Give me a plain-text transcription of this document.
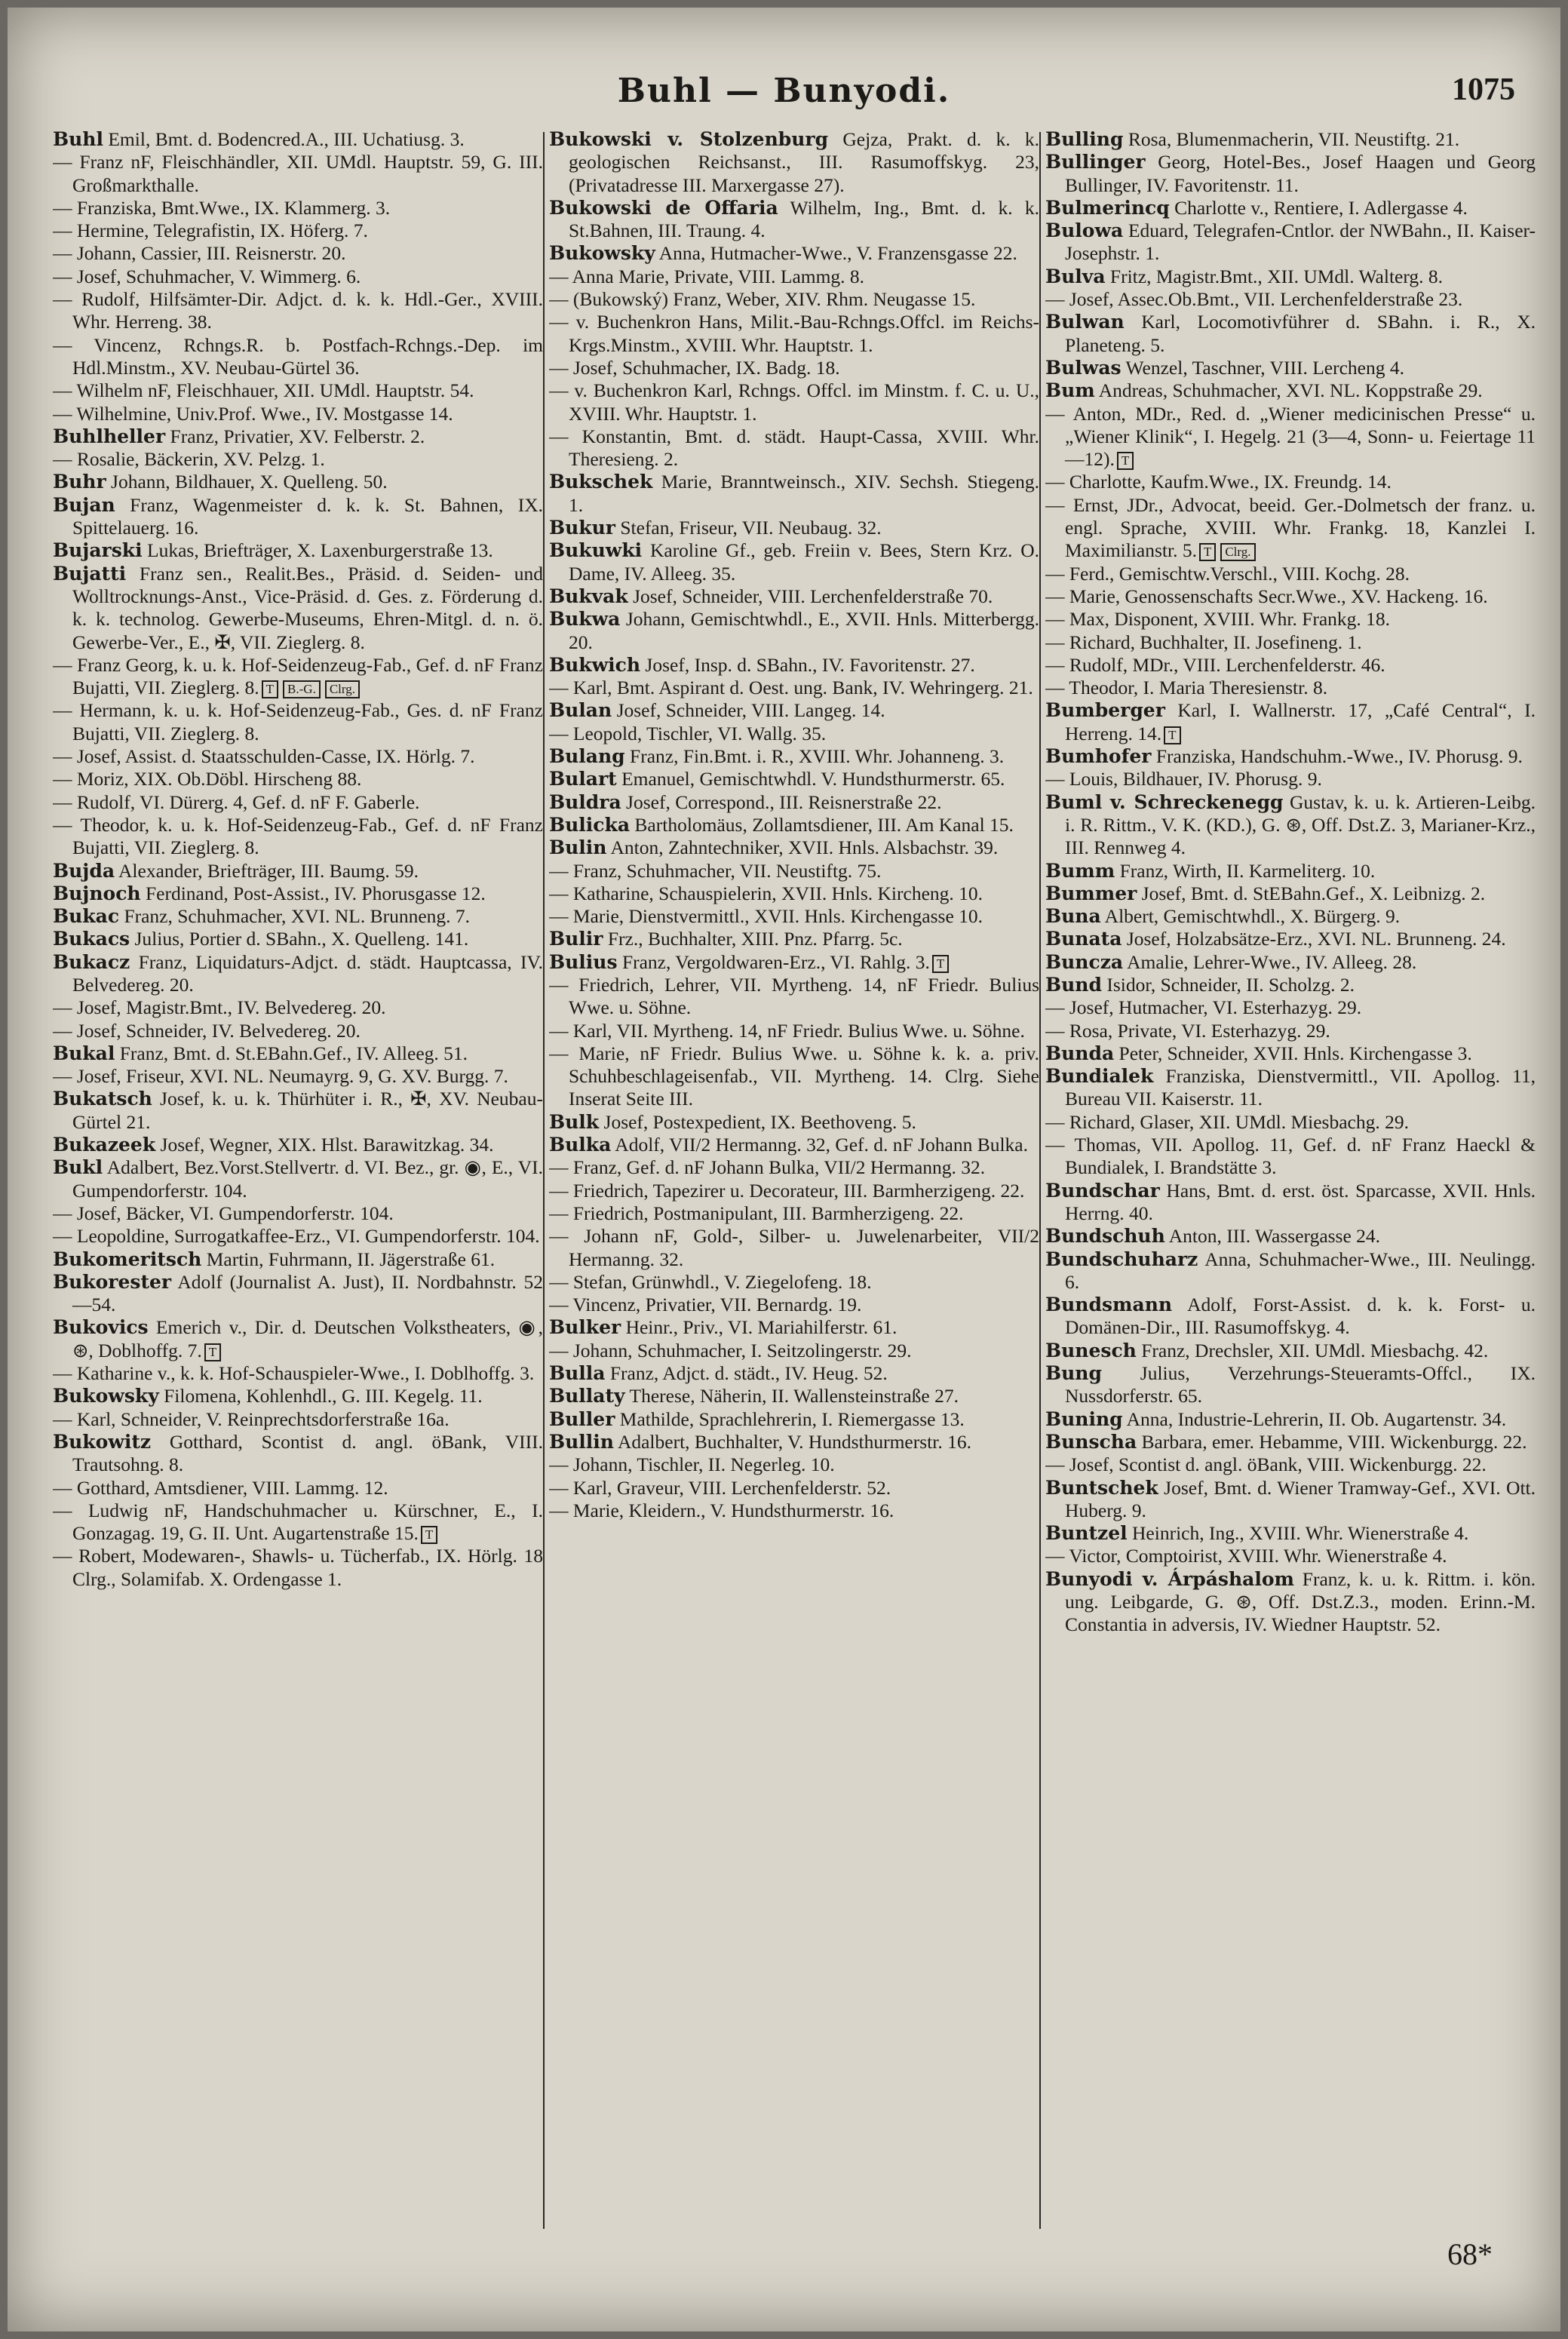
Buhl — Bunyodi.	1075
Buhl Emil, Bmt. d. Bodencred.A., III. Uchatiusg. 3.
— Franz nF, Fleischhändler, XII. UMdl. Hauptstr. 59, G. III. Großmarkthalle.
— Franziska, Bmt.Wwe., IX. Klammerg. 3.
— Hermine, Telegrafistin, IX. Höferg. 7.
— Johann, Cassier, III. Reisnerstr. 20.
— Josef, Schuhmacher, V. Wimmerg. 6.
— Rudolf, Hilfsämter-Dir. Adjct. d. k. k. Hdl.-Ger., XVIII. Whr. Herreng. 38.
— Vincenz, Rchngs.R. b. Postfach-Rchngs.-Dep. im Hdl.Minstm., XV. Neubau-Gürtel 36.
— Wilhelm nF, Fleischhauer, XII. UMdl. Hauptstr. 54.
— Wilhelmine, Univ.Prof. Wwe., IV. Mostgasse 14.
Buhlheller Franz, Privatier, XV. Felberstr. 2.
— Rosalie, Bäckerin, XV. Pelzg. 1.
Buhr Johann, Bildhauer, X. Quelleng. 50.
Bujan Franz, Wagenmeister d. k. k. St. Bahnen, IX. Spittelauerg. 16.
Bujarski Lukas, Briefträger, X. Laxenburgerstraße 13.
Bujatti Franz sen., Realit.Bes., Präsid. d. Seiden- und Wolltrocknungs-Anst., Vice-Präsid. d. Ges. z. Förderung d. k. k. technolog. Gewerbe-Museums, Ehren-Mitgl. d. n. ö. Gewerbe-Ver., E., ✠, VII. Zieglerg. 8.
— Franz Georg, k. u. k. Hof-Seidenzeug-Fab., Gef. d. nF Franz Bujatti, VII. Zieglerg. 8. T B.-G. Clrg.
— Hermann, k. u. k. Hof-Seidenzeug-Fab., Ges. d. nF Franz Bujatti, VII. Zieglerg. 8.
— Josef, Assist. d. Staatsschulden-Casse, IX. Hörlg. 7.
— Moriz, XIX. Ob.Döbl. Hirscheng 88.
— Rudolf, VI. Dürerg. 4, Gef. d. nF F. Gaberle.
— Theodor, k. u. k. Hof-Seidenzeug-Fab., Gef. d. nF Franz Bujatti, VII. Zieglerg. 8.
Bujda Alexander, Briefträger, III. Baumg. 59.
Bujnoch Ferdinand, Post-Assist., IV. Phorusgasse 12.
Bukac Franz, Schuhmacher, XVI. NL. Brunneng. 7.
Bukacs Julius, Portier d. SBahn., X. Quelleng. 141.
Bukacz Franz, Liquidaturs-Adjct. d. städt. Hauptcassa, IV. Belvedereg. 20.
— Josef, Magistr.Bmt., IV. Belvedereg. 20.
— Josef, Schneider, IV. Belvedereg. 20.
Bukal Franz, Bmt. d. St.EBahn.Gef., IV. Alleeg. 51.
— Josef, Friseur, XVI. NL. Neumayrg. 9, G. XV. Burgg. 7.
Bukatsch Josef, k. u. k. Thürhüter i. R., ✠, XV. Neubau-Gürtel 21.
Bukazeek Josef, Wegner, XIX. Hlst. Barawitzkag. 34.
Bukl Adalbert, Bez.Vorst.Stellvertr. d. VI. Bez., gr. ◉, E., VI. Gumpendorferstr. 104.
— Josef, Bäcker, VI. Gumpendorferstr. 104.
— Leopoldine, Surrogatkaffee-Erz., VI. Gumpendorferstr. 104.
Bukomeritsch Martin, Fuhrmann, II. Jägerstraße 61.
Bukorester Adolf (Journalist A. Just), II. Nordbahnstr. 52—54.
Bukovics Emerich v., Dir. d. Deutschen Volkstheaters, ◉, ⊛, Doblhoffg. 7. T
— Katharine v., k. k. Hof-Schauspieler-Wwe., I. Doblhoffg. 3.
Bukowsky Filomena, Kohlenhdl., G. III. Kegelg. 11.
— Karl, Schneider, V. Reinprechtsdorferstraße 16a.
Bukowitz Gotthard, Scontist d. angl. öBank, VIII. Trautsohng. 8.
— Gotthard, Amtsdiener, VIII. Lammg. 12.
— Ludwig nF, Handschuhmacher u. Kürschner, E., I. Gonzagag. 19, G. II. Unt. Augartenstraße 15. T
— Robert, Modewaren-, Shawls- u. Tücherfab., IX. Hörlg. 18 Clrg., Solamifab. X. Ordengasse 1.
Bukowski v. Stolzenburg Gejza, Prakt. d. k. k. geologischen Reichsanst., III. Rasumoffskyg. 23, (Privatadresse III. Marxergasse 27).
Bukowski de Offaria Wilhelm, Ing., Bmt. d. k. k. St.Bahnen, III. Traung. 4.
Bukowsky Anna, Hutmacher-Wwe., V. Franzensgasse 22.
— Anna Marie, Private, VIII. Lammg. 8.
— (Bukowský) Franz, Weber, XIV. Rhm. Neugasse 15.
— v. Buchenkron Hans, Milit.-Bau-Rchngs.Offcl. im Reichs-Krgs.Minstm., XVIII. Whr. Hauptstr. 1.
— Josef, Schuhmacher, IX. Badg. 18.
— v. Buchenkron Karl, Rchngs. Offcl. im Minstm. f. C. u. U., XVIII. Whr. Hauptstr. 1.
— Konstantin, Bmt. d. städt. Haupt-Cassa, XVIII. Whr. Theresieng. 2.
Bukschek Marie, Branntweinsch., XIV. Sechsh. Stiegeng. 1.
Bukur Stefan, Friseur, VII. Neubaug. 32.
Bukuwki Karoline Gf., geb. Freiin v. Bees, Stern Krz. O. Dame, IV. Alleeg. 35.
Bukvak Josef, Schneider, VIII. Lerchenfelderstraße 70.
Bukwa Johann, Gemischtwhdl., E., XVII. Hnls. Mitterbergg. 20.
Bukwich Josef, Insp. d. SBahn., IV. Favoritenstr. 27.
— Karl, Bmt. Aspirant d. Oest. ung. Bank, IV. Wehringerg. 21.
Bulan Josef, Schneider, VIII. Langeg. 14.
— Leopold, Tischler, VI. Wallg. 35.
Bulang Franz, Fin.Bmt. i. R., XVIII. Whr. Johanneng. 3.
Bulart Emanuel, Gemischtwhdl. V. Hundsthurmerstr. 65.
Buldra Josef, Correspond., III. Reisnerstraße 22.
Bulicka Bartholomäus, Zollamtsdiener, III. Am Kanal 15.
Bulin Anton, Zahntechniker, XVII. Hnls. Alsbachstr. 39.
— Franz, Schuhmacher, VII. Neustiftg. 75.
— Katharine, Schauspielerin, XVII. Hnls. Kircheng. 10.
— Marie, Dienstvermittl., XVII. Hnls. Kirchengasse 10.
Bulir Frz., Buchhalter, XIII. Pnz. Pfarrg. 5c.
Bulius Franz, Vergoldwaren-Erz., VI. Rahlg. 3. T
— Friedrich, Lehrer, VII. Myrtheng. 14, nF Friedr. Bulius Wwe. u. Söhne.
— Karl, VII. Myrtheng. 14, nF Friedr. Bulius Wwe. u. Söhne.
— Marie, nF Friedr. Bulius Wwe. u. Söhne k. k. a. priv. Schuhbeschlageisenfab., VII. Myrtheng. 14. Clrg. Siehe Inserat Seite III.
Bulk Josef, Postexpedient, IX. Beethoveng. 5.
Bulka Adolf, VII/2 Hermanng. 32, Gef. d. nF Johann Bulka.
— Franz, Gef. d. nF Johann Bulka, VII/2 Hermanng. 32.
— Friedrich, Tapezirer u. Decorateur, III. Barmherzigeng. 22.
— Friedrich, Postmanipulant, III. Barmherzigeng. 22.
— Johann nF, Gold-, Silber- u. Juwelenarbeiter, VII/2 Hermanng. 32.
— Stefan, Grünwhdl., V. Ziegelofeng. 18.
— Vincenz, Privatier, VII. Bernardg. 19.
Bulker Heinr., Priv., VI. Mariahilferstr. 61.
— Johann, Schuhmacher, I. Seitzolingerstr. 29.
Bulla Franz, Adjct. d. städt., IV. Heug. 52.
Bullaty Therese, Näherin, II. Wallensteinstraße 27.
Buller Mathilde, Sprachlehrerin, I. Riemergasse 13.
Bullin Adalbert, Buchhalter, V. Hundsthurmerstr. 16.
— Johann, Tischler, II. Negerleg. 10.
— Karl, Graveur, VIII. Lerchenfelderstr. 52.
— Marie, Kleidern., V. Hundsthurmerstr. 16.
Bulling Rosa, Blumenmacherin, VII. Neustiftg. 21.
Bullinger Georg, Hotel-Bes., Josef Haagen und Georg Bullinger, IV. Favoritenstr. 11.
Bulmerincq Charlotte v., Rentiere, I. Adlergasse 4.
Bulowa Eduard, Telegrafen-Cntlor. der NWBahn., II. Kaiser-Josephstr. 1.
Bulva Fritz, Magistr.Bmt., XII. UMdl. Walterg. 8.
— Josef, Assec.Ob.Bmt., VII. Lerchenfelderstraße 23.
Bulwan Karl, Locomotivführer d. SBahn. i. R., X. Planeteng. 5.
Bulwas Wenzel, Taschner, VIII. Lercheng 4.
Bum Andreas, Schuhmacher, XVI. NL. Koppstraße 29.
— Anton, MDr., Red. d. „Wiener medicinischen Presse“ u. „Wiener Klinik“, I. Hegelg. 21 (3—4, Sonn- u. Feiertage 11—12). T
— Charlotte, Kaufm.Wwe., IX. Freundg. 14.
— Ernst, JDr., Advocat, beeid. Ger.-Dolmetsch der franz. u. engl. Sprache, XVIII. Whr. Frankg. 18, Kanzlei I. Maximilianstr. 5. T Clrg.
— Ferd., Gemischtw.Verschl., VIII. Kochg. 28.
— Marie, Genossenschafts Secr.Wwe., XV. Hackeng. 16.
— Max, Disponent, XVIII. Whr. Frankg. 18.
— Richard, Buchhalter, II. Josefineng. 1.
— Rudolf, MDr., VIII. Lerchenfelderstr. 46.
— Theodor, I. Maria Theresienstr. 8.
Bumberger Karl, I. Wallnerstr. 17, „Café Central“, I. Herreng. 14. T
Bumhofer Franziska, Handschuhm.-Wwe., IV. Phorusg. 9.
— Louis, Bildhauer, IV. Phorusg. 9.
Buml v. Schreckenegg Gustav, k. u. k. Artieren-Leibg. i. R. Rittm., V. K. (KD.), G. ⊛, Off. Dst.Z. 3, Marianer-Krz., III. Rennweg 4.
Bumm Franz, Wirth, II. Karmeliterg. 10.
Bummer Josef, Bmt. d. StEBahn.Gef., X. Leibnizg. 2.
Buna Albert, Gemischtwhdl., X. Bürgerg. 9.
Bunata Josef, Holzabsätze-Erz., XVI. NL. Brunneng. 24.
Buncza Amalie, Lehrer-Wwe., IV. Alleeg. 28.
Bund Isidor, Schneider, II. Scholzg. 2.
— Josef, Hutmacher, VI. Esterhazyg. 29.
— Rosa, Private, VI. Esterhazyg. 29.
Bunda Peter, Schneider, XVII. Hnls. Kirchengasse 3.
Bundialek Franziska, Dienstvermittl., VII. Apollog. 11, Bureau VII. Kaiserstr. 11.
— Richard, Glaser, XII. UMdl. Miesbachg. 29.
— Thomas, VII. Apollog. 11, Gef. d. nF Franz Haeckl & Bundialek, I. Brandstätte 3.
Bundschar Hans, Bmt. d. erst. öst. Sparcasse, XVII. Hnls. Herrng. 40.
Bundschuh Anton, III. Wassergasse 24.
Bundschuharz Anna, Schuhmacher-Wwe., III. Neulingg. 6.
Bundsmann Adolf, Forst-Assist. d. k. k. Forst- u. Domänen-Dir., III. Rasumoffskyg. 4.
Bunesch Franz, Drechsler, XII. UMdl. Miesbachg. 42.
Bung Julius, Verzehrungs-Steueramts-Offcl., IX. Nussdorferstr. 65.
Buning Anna, Industrie-Lehrerin, II. Ob. Augartenstr. 34.
Bunscha Barbara, emer. Hebamme, VIII. Wickenburgg. 22.
— Josef, Scontist d. angl. öBank, VIII. Wickenburgg. 22.
Buntschek Josef, Bmt. d. Wiener Tramway-Gef., XVI. Ott. Huberg. 9.
Buntzel Heinrich, Ing., XVIII. Whr. Wienerstraße 4.
— Victor, Comptoirist, XVIII. Whr. Wienerstraße 4.
Bunyodi v. Árpáshalom Franz, k. u. k. Rittm. i. kön. ung. Leibgarde, G. ⊛, Off. Dst.Z.3., moden. Erinn.-M. Constantia in adversis, IV. Wiedner Hauptstr. 52.
68*
